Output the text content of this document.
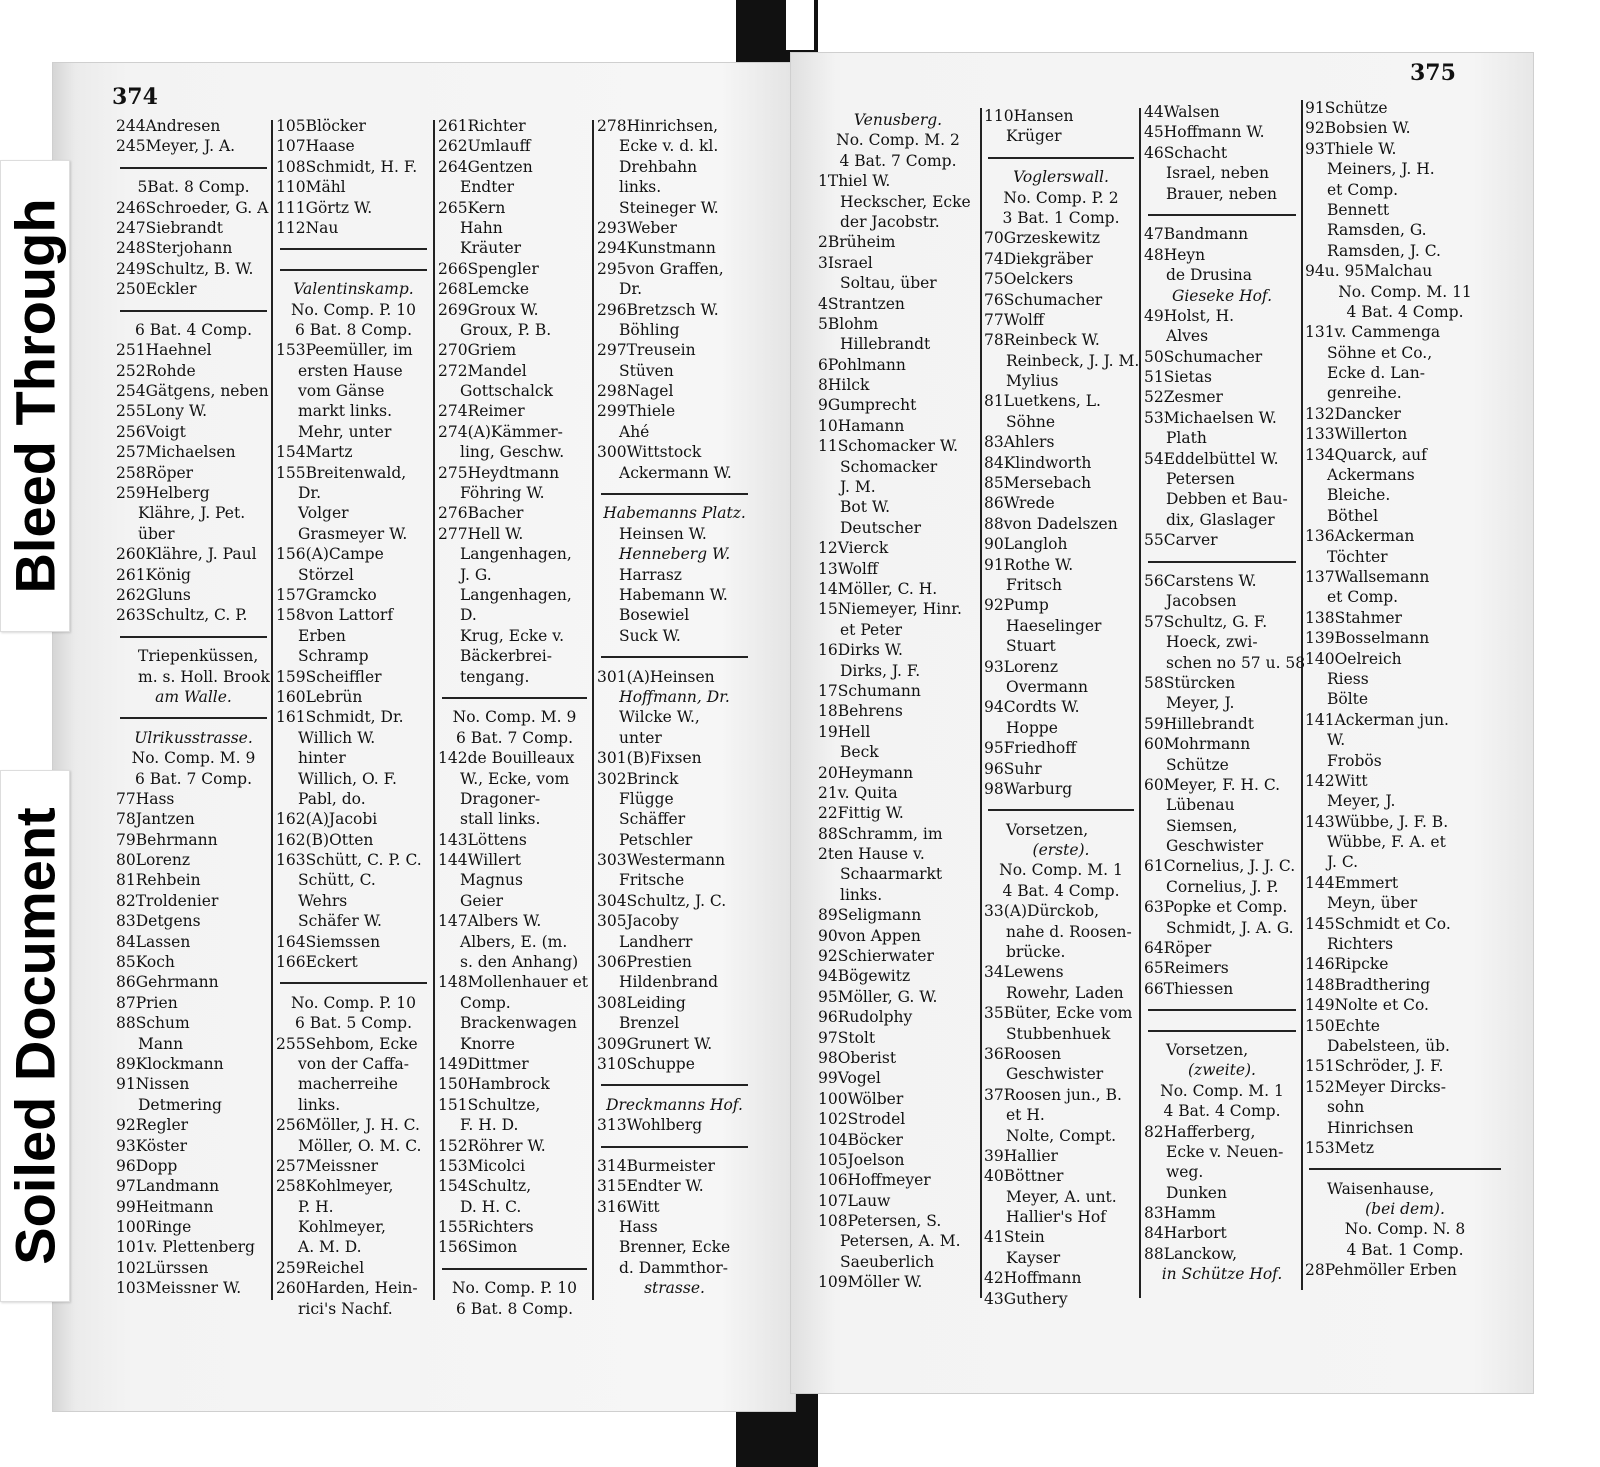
374
375
244Andresen
245Meyer, J. A.
5Bat. 8 Comp.
246Schroeder, G. A
247Siebrandt
248Sterjohann
249Schultz, B. W.
250Eckler
6 Bat. 4 Comp.
251Haehnel
252Rohde
254Gätgens, neben
255Lony W.
256Voigt
257Michaelsen
258Röper
259Helberg
Klähre, J. Pet.
über
260Klähre, J. Paul
261König
262Gluns
263Schultz, C. P.
Triepenküssen,
m. s. Holl. Brook
am Walle.
Ulrikusstrasse.
No. Comp. M. 9
6 Bat. 7 Comp.
77Hass
78Jantzen
79Behrmann
80Lorenz
81Rehbein
82Troldenier
83Detgens
84Lassen
85Koch
86Gehrmann
87Prien
88Schum
Mann
89Klockmann
91Nissen
Detmering
92Regler
93Köster
96Dopp
97Landmann
99Heitmann
100Ringe
101v. Plettenberg
102Lürssen
103Meissner W.
105Blöcker
107Haase
108Schmidt, H. F.
110Mähl
111Görtz W.
112Nau
Valentinskamp.
No. Comp. P. 10
6 Bat. 8 Comp.
153Peemüller, im
ersten Hause
vom Gänse
markt links.
Mehr, unter
154Martz
155Breitenwald,
Dr.
Volger
Grasmeyer W.
156(A)Campe
Störzel
157Gramcko
158von Lattorf
Erben
Schramp
159Scheiffler
160Lebrün
161Schmidt, Dr.
Willich W.
hinter
Willich, O. F.
Pabl, do.
162(A)Jacobi
162(B)Otten
163Schütt, C. P. C.
Schütt, C.
Wehrs
Schäfer W.
164Siemssen
166Eckert
No. Comp. P. 10
6 Bat. 5 Comp.
255Sehbom, Ecke
von der Caffa-
macherreihe
links.
256Möller, J. H. C.
Möller, O. M. C.
257Meissner
258Kohlmeyer,
P. H.
Kohlmeyer,
A. M. D.
259Reichel
260Harden, Hein-
rici's Nachf.
261Richter
262Umlauff
264Gentzen
Endter
265Kern
Hahn
Kräuter
266Spengler
268Lemcke
269Groux W.
Groux, P. B.
270Griem
272Mandel
Gottschalck
274Reimer
274(A)Kämmer-
ling, Geschw.
275Heydtmann
Föhring W.
276Bacher
277Hell W.
Langenhagen,
J. G.
Langenhagen,
D.
Krug, Ecke v.
Bäckerbrei-
tengang.
No. Comp. M. 9
6 Bat. 7 Comp.
142de Bouilleaux
W., Ecke, vom
Dragoner-
stall links.
143Löttens
144Willert
Magnus
Geier
147Albers W.
Albers, E. (m.
s. den Anhang)
148Mollenhauer et
Comp.
Brackenwagen
Knorre
149Dittmer
150Hambrock
151Schultze,
F. H. D.
152Röhrer W.
153Micolci
154Schultz,
D. H. C.
155Richters
156Simon
No. Comp. P. 10
6 Bat. 8 Comp.
278Hinrichsen,
Ecke v. d. kl.
Drehbahn
links.
Steineger W.
293Weber
294Kunstmann
295von Graffen,
Dr.
296Bretzsch W.
Böhling
297Treusein
Stüven
298Nagel
299Thiele
Ahé
300Wittstock
Ackermann W.
Habemanns Platz.
Heinsen W.
Henneberg W.
Harrasz
Habemann W.
Bosewiel
Suck W.
301(A)Heinsen
Hoffmann, Dr.
Wilcke W.,
unter
301(B)Fixsen
302Brinck
Flügge
Schäffer
Petschler
303Westermann
Fritsche
304Schultz, J. C.
305Jacoby
Landherr
306Prestien
Hildenbrand
308Leiding
Brenzel
309Grunert W.
310Schuppe
Dreckmanns Hof.
313Wohlberg
314Burmeister
315Endter W.
316Witt
Hass
Brenner, Ecke
d. Dammthor-
strasse.
Venusberg.
No. Comp. M. 2
4 Bat. 7 Comp.
1Thiel W.
Heckscher, Ecke
der Jacobstr.
2Brüheim
3Israel
Soltau, über
4Strantzen
5Blohm
Hillebrandt
6Pohlmann
8Hilck
9Gumprecht
10Hamann
11Schomacker W.
Schomacker
J. M.
Bot W.
Deutscher
12Vierck
13Wolff
14Möller, C. H.
15Niemeyer, Hinr.
et Peter
16Dirks W.
Dirks, J. F.
17Schumann
18Behrens
19Hell
Beck
20Heymann
21v. Quita
22Fittig W.
88Schramm, im
2ten Hause v.
Schaarmarkt
links.
89Seligmann
90von Appen
92Schierwater
94Bögewitz
95Möller, G. W.
96Rudolphy
97Stolt
98Oberist
99Vogel
100Wölber
102Strodel
104Böcker
105Joelson
106Hoffmeyer
107Lauw
108Petersen, S.
Petersen, A. M.
Saeuberlich
109Möller W.
110Hansen
Krüger
Voglerswall.
No. Comp. P. 2
3 Bat. 1 Comp.
70Grzeskewitz
74Diekgräber
75Oelckers
76Schumacher
77Wolff
78Reinbeck W.
Reinbeck, J. J. M.
Mylius
81Luetkens, L.
Söhne
83Ahlers
84Klindworth
85Mersebach
86Wrede
88von Dadelszen
90Langloh
91Rothe W.
Fritsch
92Pump
Haeselinger
Stuart
93Lorenz
Overmann
94Cordts W.
Hoppe
95Friedhoff
96Suhr
98Warburg
Vorsetzen,
(erste).
No. Comp. M. 1
4 Bat. 4 Comp.
33(A)Dürckob,
nahe d. Roosen-
brücke.
34Lewens
Rowehr, Laden
35Büter, Ecke vom
Stubbenhuek
36Roosen
Geschwister
37Roosen jun., B.
et H.
Nolte, Compt.
39Hallier
40Böttner
Meyer, A. unt.
Hallier's Hof
41Stein
Kayser
42Hoffmann
43Guthery
44Walsen
45Hoffmann W.
46Schacht
Israel, neben
Brauer, neben
47Bandmann
48Heyn
de Drusina
Gieseke Hof.
49Holst, H.
Alves
50Schumacher
51Sietas
52Zesmer
53Michaelsen W.
Plath
54Eddelbüttel W.
Petersen
Debben et Bau-
dix, Glaslager
55Carver
56Carstens W.
Jacobsen
57Schultz, G. F.
Hoeck, zwi-
schen no 57 u. 58
58Stürcken
Meyer, J.
59Hillebrandt
60Mohrmann
Schütze
60Meyer, F. H. C.
Lübenau
Siemsen,
Geschwister
61Cornelius, J. J. C.
Cornelius, J. P.
63Popke et Comp.
Schmidt, J. A. G.
64Röper
65Reimers
66Thiessen
Vorsetzen,
(zweite).
No. Comp. M. 1
4 Bat. 4 Comp.
82Hafferberg,
Ecke v. Neuen-
weg.
Dunken
83Hamm
84Harbort
88Lanckow,
in Schütze Hof.
91Schütze
92Bobsien W.
93Thiele W.
Meiners, J. H.
et Comp.
Bennett
Ramsden, G.
Ramsden, J. C.
94u. 95Malchau
No. Comp. M. 11
4 Bat. 4 Comp.
131v. Cammenga
Söhne et Co.,
Ecke d. Lan-
genreihe.
132Dancker
133Willerton
134Quarck, auf
Ackermans
Bleiche.
Böthel
136Ackerman
Töchter
137Wallsemann
et Comp.
138Stahmer
139Bosselmann
140Oelreich
Riess
Bölte
141Ackerman jun.
W.
Frobös
142Witt
Meyer, J.
143Wübbe, J. F. B.
Wübbe, F. A. et
J. C.
144Emmert
Meyn, über
145Schmidt et Co.
Richters
146Ripcke
148Bradthering
149Nolte et Co.
150Echte
Dabelsteen, üb.
151Schröder, J. F.
152Meyer Dircks-
sohn
Hinrichsen
153Metz
Waisenhause,
(bei dem).
No. Comp. N. 8
4 Bat. 1 Comp.
28Pehmöller Erben
Bleed Through
Soiled Document
